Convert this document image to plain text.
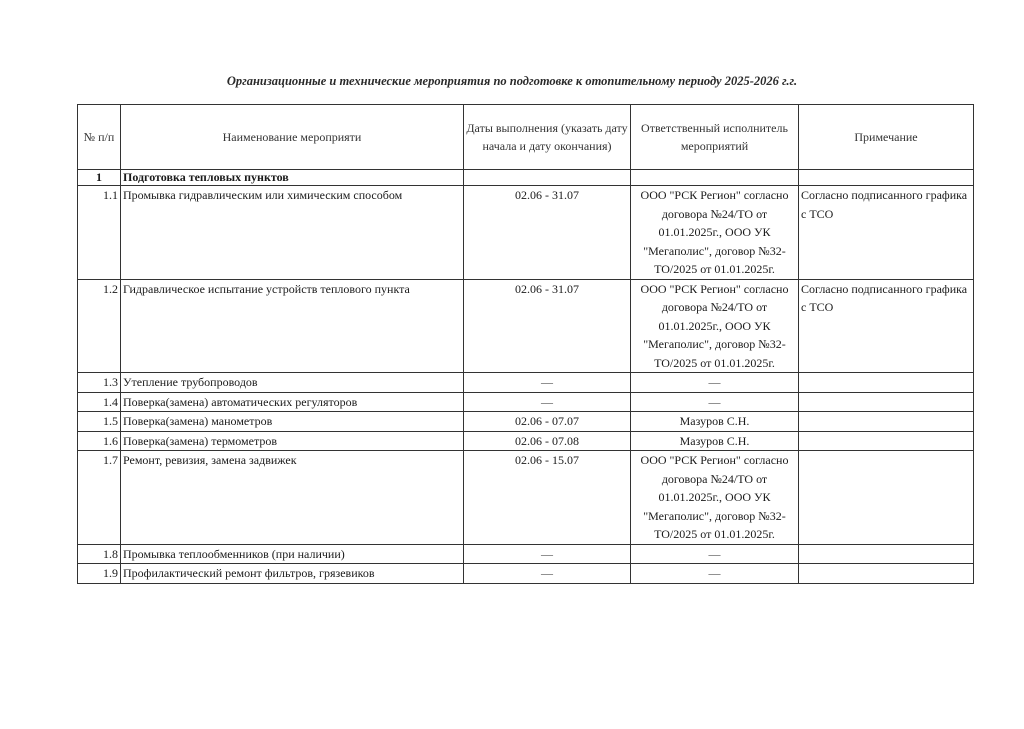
Организационные и технические мероприятия по подготовке к отопительному периоду 2025-2026 г.г.
№ п/п	Наименование мероприяти	Даты выполнения (указать дату начала и дату окончания)	Ответственный исполнитель мероприятий	Примечание
1	Подготовка тепловых пунктов			
1.1	Промывка гидравлическим или химическим способом	02.06 - 31.07	ООО "РСК Регион" согласно договора №24/ТО от 01.01.2025г., ООО УК "Мегаполис", договор №32-ТО/2025 от 01.01.2025г.	Согласно подписанного графика с ТСО
1.2	Гидравлическое испытание устройств теплового пункта	02.06 - 31.07	ООО "РСК Регион" согласно договора №24/ТО от 01.01.2025г., ООО УК "Мегаполис", договор №32-ТО/2025 от 01.01.2025г.	Согласно подписанного графика с ТСО
1.3	Утепление трубопроводов	—	—	
1.4	Поверка(замена) автоматических регуляторов	—	—	
1.5	Поверка(замена) манометров	02.06 - 07.07	Мазуров С.Н.	
1.6	Поверка(замена) термометров	02.06 - 07.08	Мазуров С.Н.	
1.7	Ремонт, ревизия, замена задвижек	02.06 - 15.07	ООО "РСК Регион" согласно договора №24/ТО от 01.01.2025г., ООО УК "Мегаполис", договор №32-ТО/2025 от 01.01.2025г.	
1.8	Промывка теплообменников (при наличии)	—	—	
1.9	Профилактический ремонт фильтров, грязевиков	—	—	
